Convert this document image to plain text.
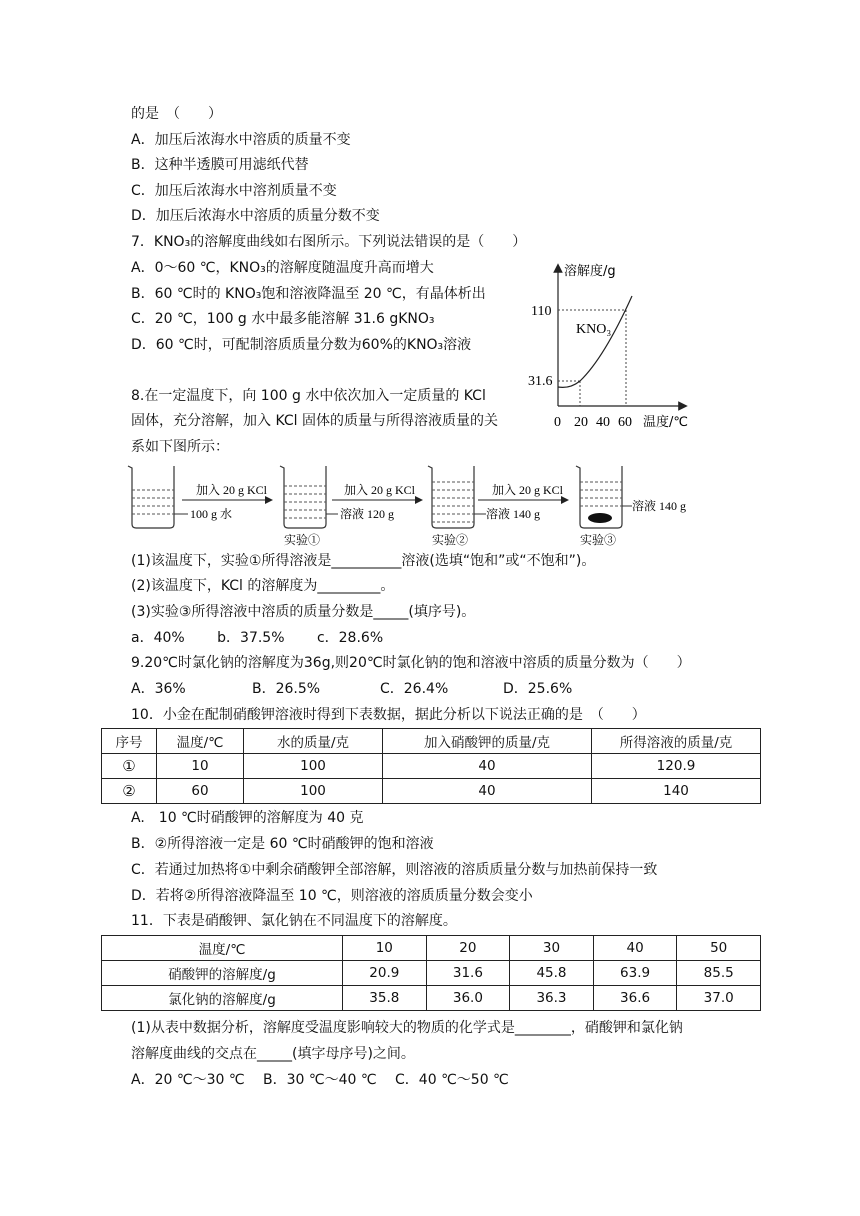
的是　（　　）
A．加压后浓海水中溶质的质量不变
B．这种半透膜可用滤纸代替
C．加压后浓海水中溶剂质量不变
D．加压后浓海水中溶质的质量分数不变
7．KNO₃的溶解度曲线如右图所示。下列说法错误的是（　　）
A．0～60 ℃，KNO₃的溶解度随温度升高而增大
B．60 ℃时的 KNO₃饱和溶液降温至 20 ℃，有晶体析出
C．20 ℃，100 g 水中最多能溶解 31.6 gKNO₃
D．60 ℃时，可配制溶质质量分数为60%的KNO₃溶液
溶解度/g
温度/℃
KNO₃
110
31.6
0 20 40 60
8.在一定温度下，向 100 g 水中依次加入一定质量的 KCl
固体，充分溶解，加入 KCl 固体的质量与所得溶液质量的关
系如下图所示：
100 g 水
加入 20 g KCl
溶液 120 g
实验①
加入 20 g KCl
溶液 140 g
实验②
加入 20 g KCl
溶液 140 g
实验③
(1)该温度下，实验①所得溶液是__________溶液(选填“饱和”或“不饱和”)。
(2)该温度下，KCl 的溶解度为_________。
(3)实验③所得溶液中溶质的质量分数是_____(填序号)。
a．40%　　 b．37.5%　　 c．28.6%
9.20℃时氯化钠的溶解度为36g,则20℃时氯化钠的饱和溶液中溶质的质量分数为（　　）
A．36%	B．26.5%	C．26.4%	D．25.6%
10．小金在配制硝酸钾溶液时得到下表数据，据此分析以下说法正确的是　（　　）
序号	温度/℃	水的质量/克	加入硝酸钾的质量/克	所得溶液的质量/克
①	10	100	40	120.9
②	60	100	40	140
A.　10 ℃时硝酸钾的溶解度为 40 克
B．②所得溶液一定是 60 ℃时硝酸钾的饱和溶液
C．若通过加热将①中剩余硝酸钾全部溶解，则溶液的溶质质量分数与加热前保持一致
D．若将②所得溶液降温至 10 ℃，则溶液的溶质质量分数会变小
11．下表是硝酸钾、氯化钠在不同温度下的溶解度。
温度/℃	10	20	30	40	50
硝酸钾的溶解度/g	20.9	31.6	45.8	63.9	85.5
氯化钠的溶解度/g	35.8	36.0	36.3	36.6	37.0
(1)从表中数据分析，溶解度受温度影响较大的物质的化学式是________，硝酸钾和氯化钠
溶解度曲线的交点在_____(填字母序号)之间。
A．20 ℃～30 ℃　 B．30 ℃～40 ℃　 C．40 ℃～50 ℃
